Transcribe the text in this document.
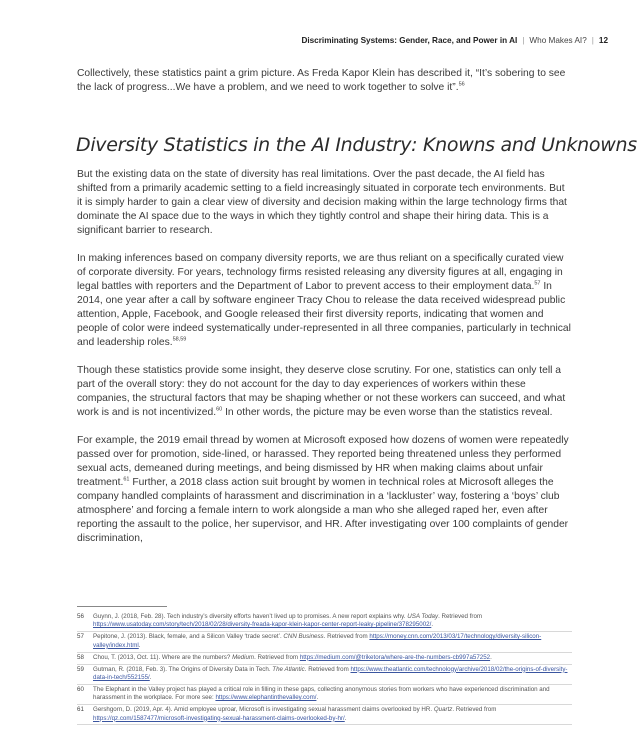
Discriminating Systems: Gender, Race, and Power in AI | Who Makes AI? | 12

Collectively, these statistics paint a grim picture. As Freda Kapor Klein has described it, “It’s sobering to see the lack of progress...We have a problem, and we need to work together to solve it”.$^{56}$

Diversity Statistics in the AI Industry: Knowns and Unknowns

But the existing data on the state of diversity has real limitations. Over the past decade, the AI field has shifted from a primarily academic setting to a field increasingly situated in corporate tech environments. But it is simply harder to gain a clear view of diversity and decision making within the large technology firms that dominate the AI space due to the ways in which they tightly control and shape their hiring data. This is a significant barrier to research.

In making inferences based on company diversity reports, we are thus reliant on a specifically curated view of corporate diversity. For years, technology firms resisted releasing any diversity figures at all, engaging in legal battles with reporters and the Department of Labor to prevent access to their employment data.$^{57}$ In 2014, one year after a call by software engineer Tracy Chou to release the data received widespread public attention, Apple, Facebook, and Google released their first diversity reports, indicating that women and people of color were indeed systematically under-represented in all three companies, particularly in technical and leadership roles.$^{58,59}$

Though these statistics provide some insight, they deserve close scrutiny. For one, statistics can only tell a part of the overall story: they do not account for the day to day experiences of workers within these companies, the structural factors that may be shaping whether or not these workers can succeed, and what work is and is not incentivized.$^{60}$ In other words, the picture may be even worse than the statistics reveal.

For example, the 2019 email thread by women at Microsoft exposed how dozens of women were repeatedly passed over for promotion, side-lined, or harassed. They reported being threatened unless they performed sexual acts, demeaned during meetings, and being dismissed by HR when making claims about unfair treatment.$^{61}$ Further, a 2018 class action suit brought by women in technical roles at Microsoft alleges the company handled complaints of harassment and discrimination in a ‘lackluster’ way, fostering a ‘boys’ club atmosphere’ and forcing a female intern to work alongside a man who she alleged raped her, even after reporting the assault to the police, her supervisor, and HR. After investigating over 100 complaints of gender discrimination,

56	Guynn, J. (2018, Feb. 28). Tech industry’s diversity efforts haven’t lived up to promises. A new report explains why. USA Today. Retrieved from https://www.usatoday.com/story/tech/2018/02/28/diversity-freada-kapor-klein-kapor-center-report-leaky-pipeline/378295002/.
57	Pepitone, J. (2013). Black, female, and a Silicon Valley ‘trade secret’. CNN Business. Retrieved from https://money.cnn.com/2013/03/17/technology/diversity-silicon-valley/index.html.
58	Chou, T. (2013, Oct. 11). Where are the numbers? Medium. Retrieved from https://medium.com/@triketora/where-are-the-numbers-cb997a57252.
59	Gutman, R. (2018, Feb. 3). The Origins of Diversity Data in Tech. The Atlantic. Retrieved from https://www.theatlantic.com/technology/archive/2018/02/the-origins-of-diversity-data-in-tech/552155/.
60	The Elephant in the Valley project has played a critical role in filling in these gaps, collecting anonymous stories from workers who have experienced discrimination and harassment in the workplace. For more see: https://www.elephantinthevalley.com/.
61	Gershgorn, D. (2019, Apr. 4). Amid employee uproar, Microsoft is investigating sexual harassment claims overlooked by HR. Quartz. Retrieved from https://qz.com/1587477/microsoft-investigating-sexual-harassment-claims-overlooked-by-hr/.
